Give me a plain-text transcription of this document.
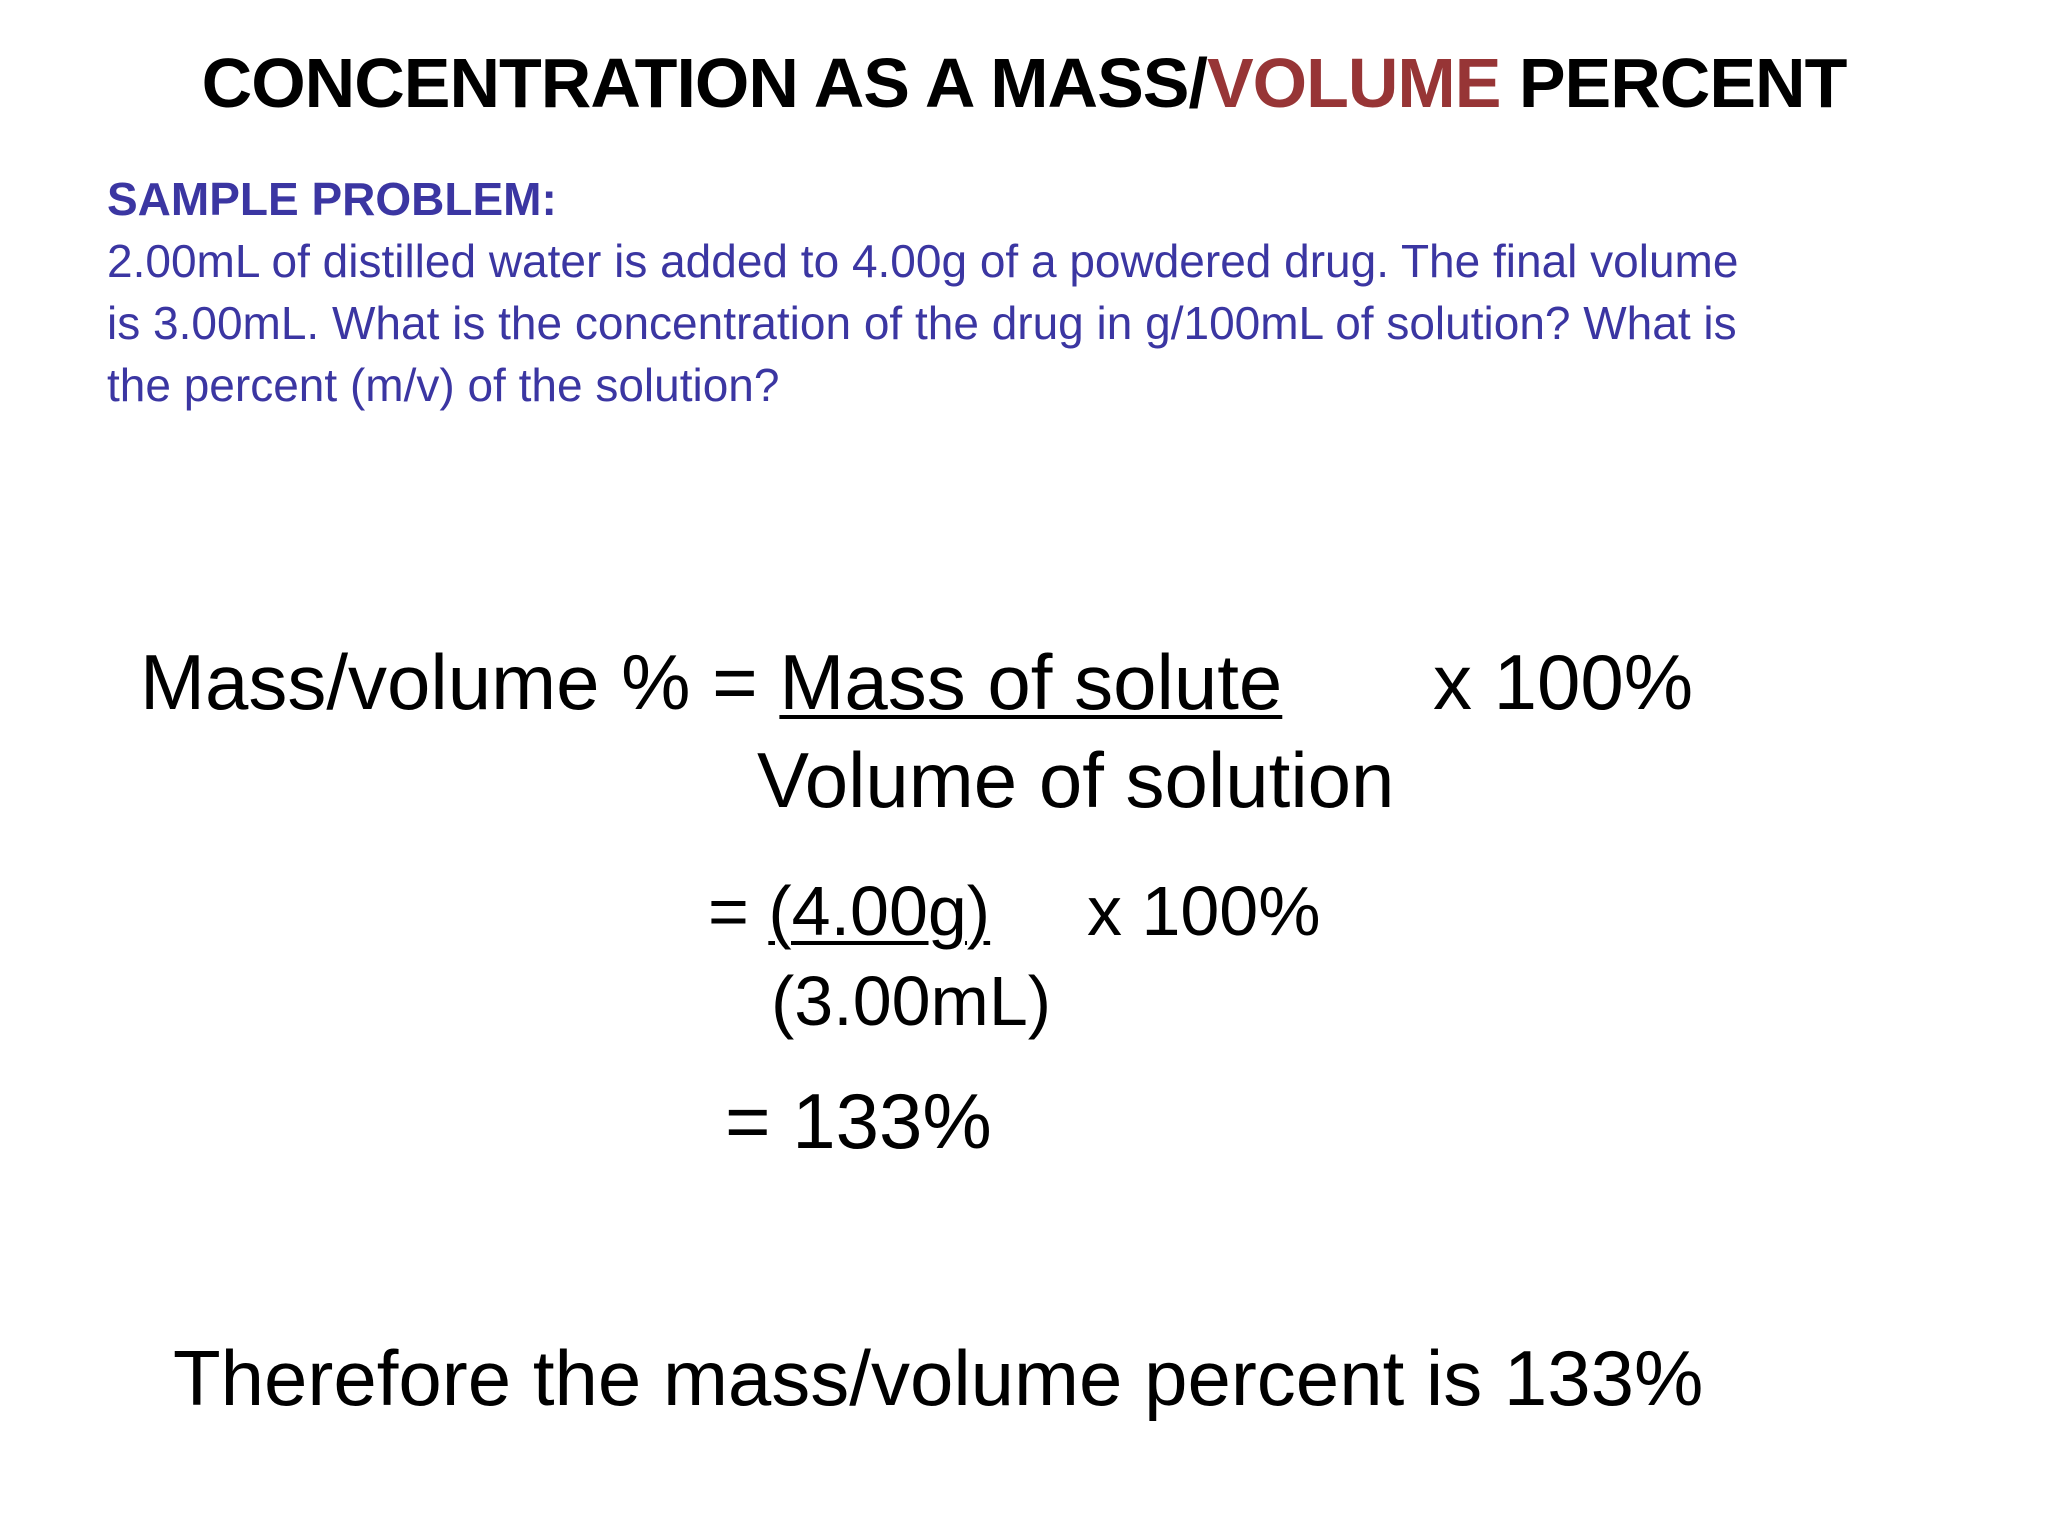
CONCENTRATION AS A MASS/VOLUME PERCENT
SAMPLE PROBLEM:
2.00mL of distilled water is added to 4.00g of a powdered drug. The final volume
is 3.00mL. What is the concentration of the drug in g/100mL of solution? What is
the percent (m/v) of the solution?
Mass/volume % = Mass of solute x 100%
Volume of solution
= (4.00g) x 100%
(3.00mL)
= 133%
Therefore the mass/volume percent is 133%
